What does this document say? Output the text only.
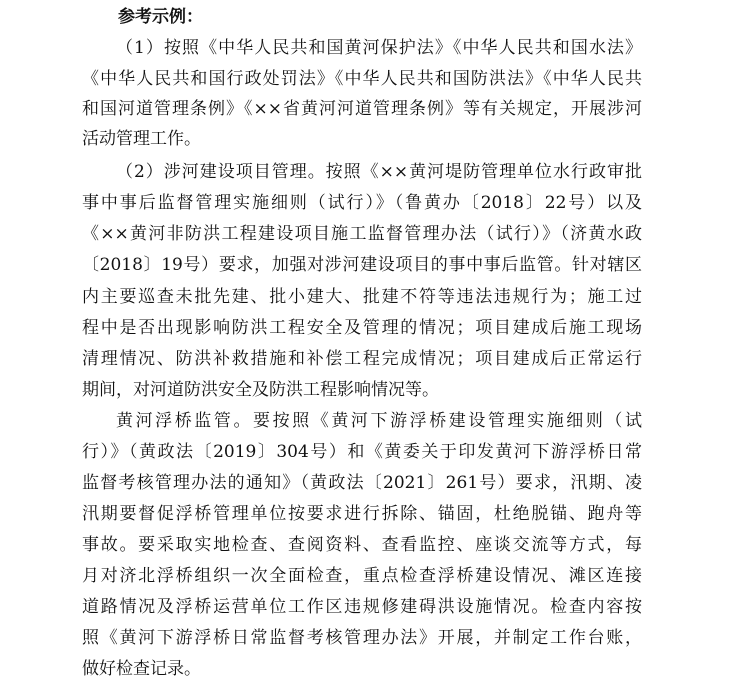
参考示例：
（1）按照《中华人民共和国黄河保护法》《中华人民共和国水法》
《中华人民共和国行政处罚法》《中华人民共和国防洪法》《中华人民共
和国河道管理条例》《××省黄河河道管理条例》等有关规定，开展涉河
活动管理工作。
（2）涉河建设项目管理。按照《××黄河堤防管理单位水行政审批
事中事后监督管理实施细则（试行）》（鲁黄办〔2018〕22号）以及
《××黄河非防洪工程建设项目施工监督管理办法（试行）》（济黄水政
〔2018〕19号）要求，加强对涉河建设项目的事中事后监管。针对辖区
内主要巡查未批先建、批小建大、批建不符等违法违规行为；施工过
程中是否出现影响防洪工程安全及管理的情况；项目建成后施工现场
清理情况、防洪补救措施和补偿工程完成情况；项目建成后正常运行
期间，对河道防洪安全及防洪工程影响情况等。
黄河浮桥监管。要按照《黄河下游浮桥建设管理实施细则（试
行）》（黄政法〔2019〕304号）和《黄委关于印发黄河下游浮桥日常
监督考核管理办法的通知》（黄政法〔2021〕261号）要求，汛期、凌
汛期要督促浮桥管理单位按要求进行拆除、锚固，杜绝脱锚、跑舟等
事故。要采取实地检查、查阅资料、查看监控、座谈交流等方式，每
月对济北浮桥组织一次全面检查，重点检查浮桥建设情况、滩区连接
道路情况及浮桥运营单位工作区违规修建碍洪设施情况。检查内容按
照《黄河下游浮桥日常监督考核管理办法》开展，并制定工作台账，
做好检查记录。
